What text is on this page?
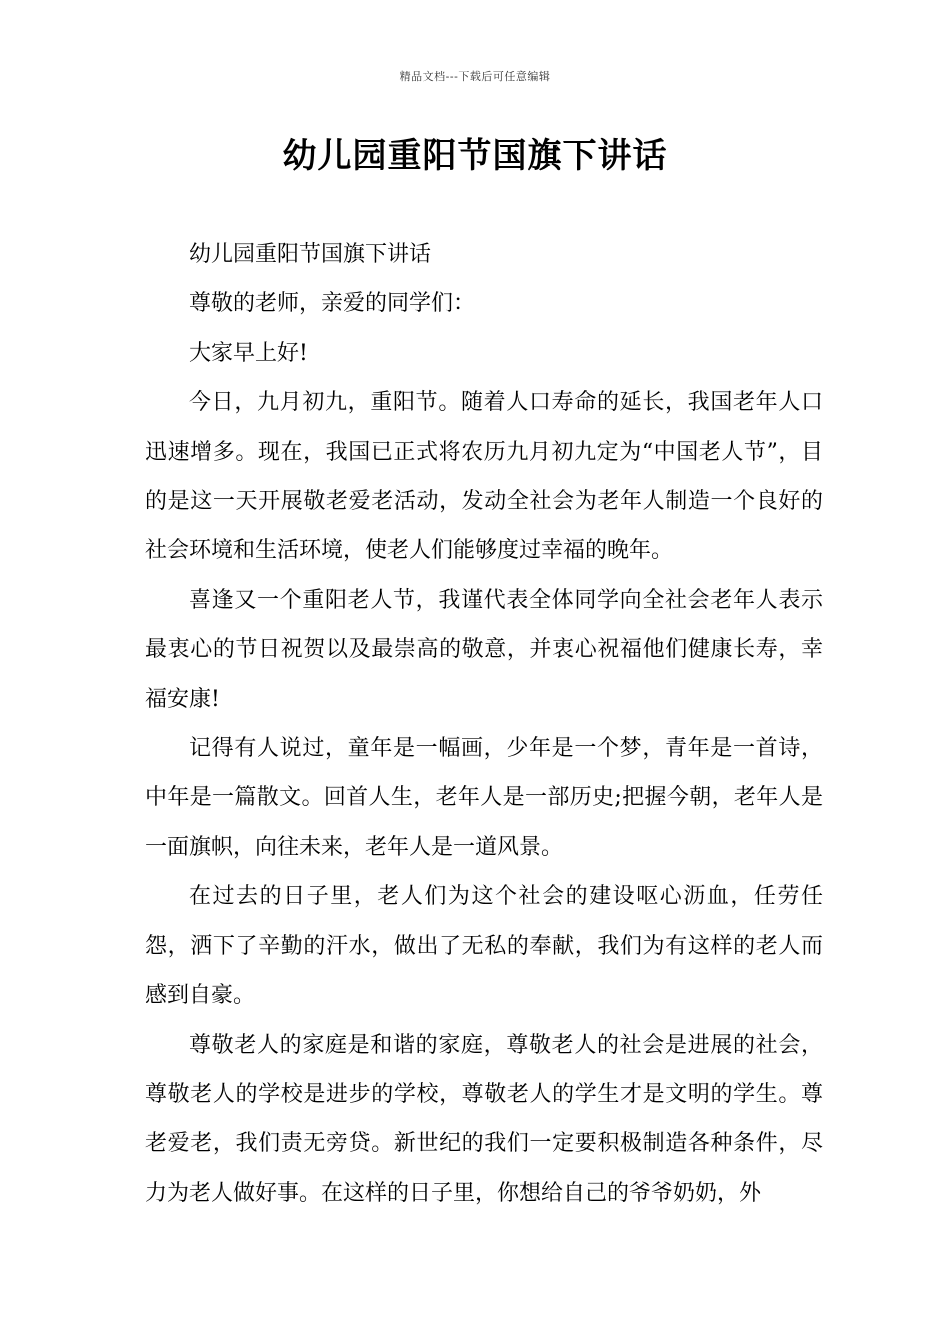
精品文档---下载后可任意编辑
幼儿园重阳节国旗下讲话

幼儿园重阳节国旗下讲话

尊敬的老师，亲爱的同学们：

大家早上好!

今日，九月初九，重阳节。随着人口寿命的延长，我国老年人口迅速增多。现在，我国已正式将农历九月初九定为“中国老人节”，目的是这一天开展敬老爱老活动，发动全社会为老年人制造一个良好的社会环境和生活环境，使老人们能够度过幸福的晚年。

喜逢又一个重阳老人节，我谨代表全体同学向全社会老年人表示最衷心的节日祝贺以及最崇高的敬意，并衷心祝福他们健康长寿，幸福安康!

记得有人说过，童年是一幅画，少年是一个梦，青年是一首诗，中年是一篇散文。回首人生，老年人是一部历史;把握今朝，老年人是一面旗帜，向往未来，老年人是一道风景。

在过去的日子里，老人们为这个社会的建设呕心沥血，任劳任怨，洒下了辛勤的汗水，做出了无私的奉献，我们为有这样的老人而感到自豪。

尊敬老人的家庭是和谐的家庭，尊敬老人的社会是进展的社会，尊敬老人的学校是进步的学校，尊敬老人的学生才是文明的学生。尊老爱老，我们责无旁贷。新世纪的我们一定要积极制造各种条件，尽力为老人做好事。在这样的日子里，你想给自己的爷爷奶奶，外
